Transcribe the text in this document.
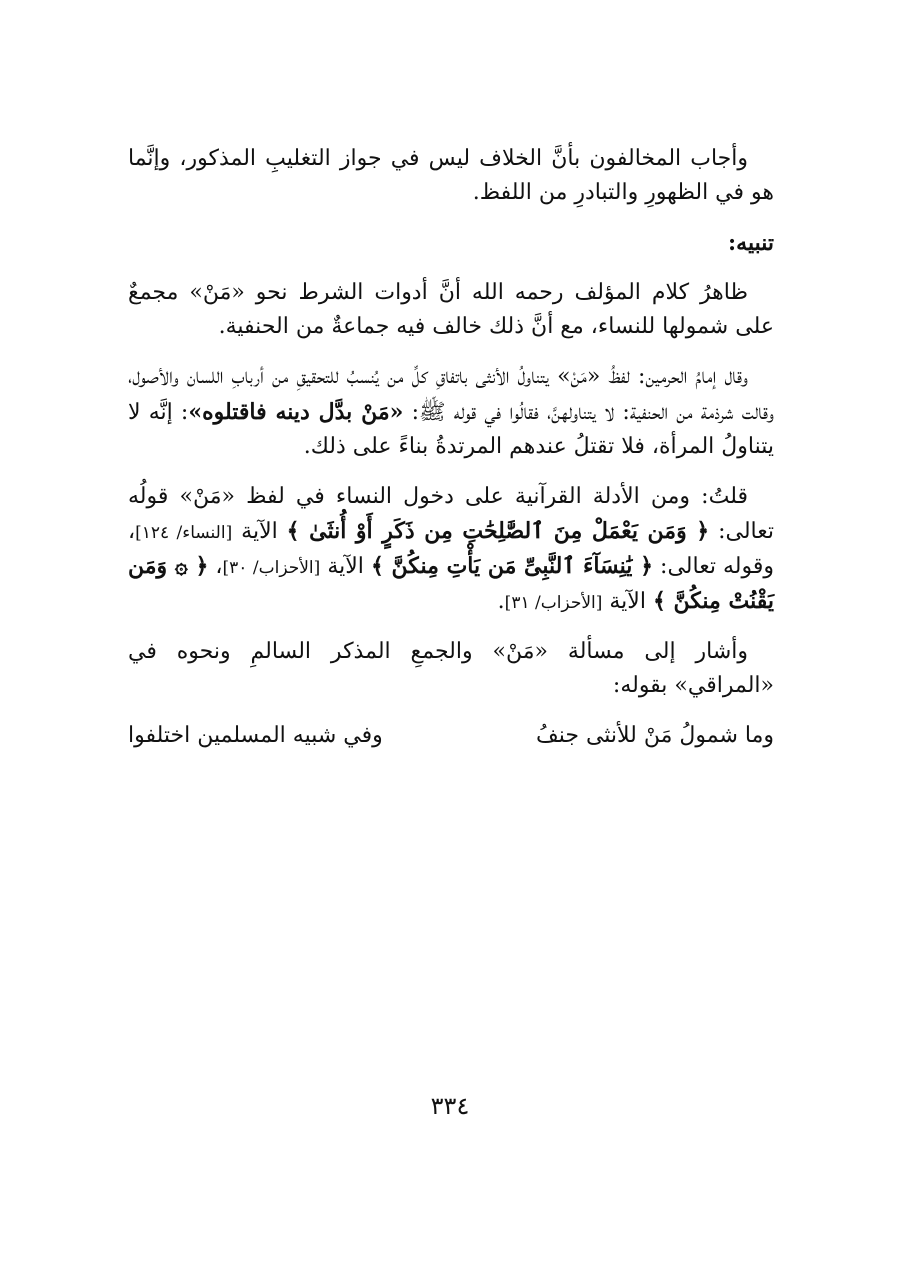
وأجاب المخالفون بأنَّ الخلاف ليس في جواز التغليبِ المذكور، وإنَّما هو في الظهورِ والتبادرِ من اللفظ.

تنبيه:

ظاهرُ كلام المؤلف رحمه الله أنَّ أدوات الشرط نحو «مَنْ» مجمعٌ على شمولها للنساء، مع أنَّ ذلك خالف فيه جماعةٌ من الحنفية.

وقال إمامُ الحرمين: لفظُ «مَنْ» يتناولُ الأنثى باتفاقِ كلِّ من يُنسبُ للتحقيقِ من أربابِ اللسان والأصول، وقالت شرذمة من الحنفية: لا يتناولهنَّ، فقالُوا في قوله ﷺ: «مَنْ بدَّل دينه فاقتلوه»: إنَّه لا يتناولُ المرأة، فلا تقتلُ عندهم المرتدةُ بناءً على ذلك.

قلتُ: ومن الأدلة القرآنية على دخول النساء في لفظ «مَنْ» قولُه تعالى: ﴿ وَمَن يَعْمَلْ مِنَ ٱلصَّٰلِحَٰتِ مِن ذَكَرٍ أَوْ أُنثَىٰ ﴾ الآية [النساء/ ١٢٤]، وقوله تعالى: ﴿ يَٰنِسَآءَ ٱلنَّبِىِّ مَن يَأْتِ مِنكُنَّ ﴾ الآية [الأحزاب/ ٣٠]، ﴿ ۞ وَمَن يَقْنُتْ مِنكُنَّ ﴾ الآية [الأحزاب/ ٣١].

وأشار إلى مسألة «مَنْ» والجمعِ المذكر السالمِ ونحوه في «المراقي» بقوله:

وما شمولُ مَنْ للأنثى جنفُ
وفي شبيه المسلمين اختلفوا
٣٣٤
